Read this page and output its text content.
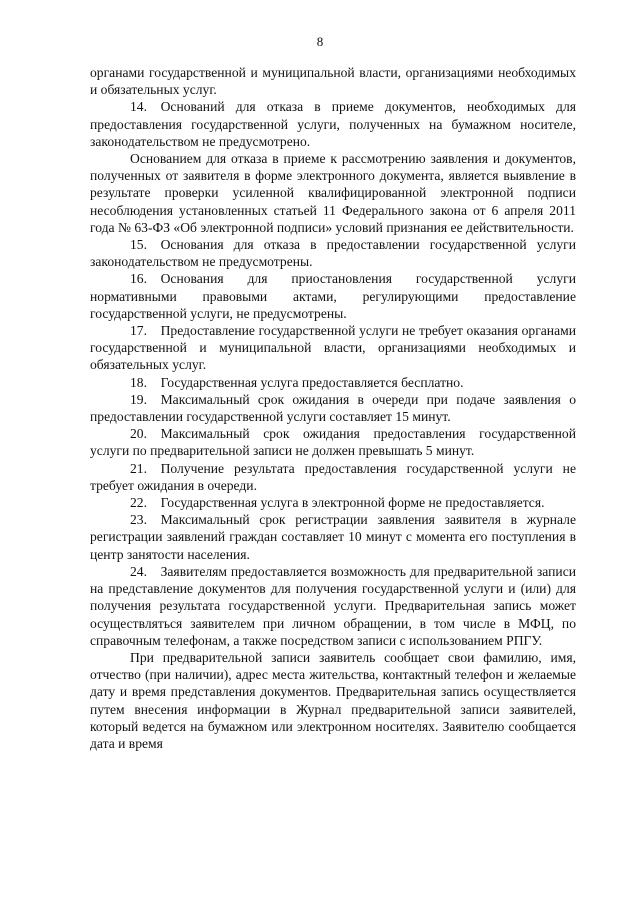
8

органами государственной и муниципальной власти, организациями необходимых и обязательных услуг.

14.  Оснований для отказа в приеме документов, необходимых для предоставления государственной услуги, полученных на бумажном носителе, законодательством не предусмотрено.

Основанием для отказа в приеме к рассмотрению заявления и документов, полученных от заявителя в форме электронного документа, является выявление в результате проверки усиленной квалифицированной электронной подписи несоблюдения установленных статьей 11 Федерального закона от 6 апреля 2011 года № 63-ФЗ «Об электронной подписи» условий признания ее действительности.

15.  Основания для отказа в предоставлении государственной услуги законодательством не предусмотрены.

16.  Основания для приостановления государственной услуги нормативными правовыми актами, регулирующими предоставление государственной услуги, не предусмотрены.

17.  Предоставление государственной услуги не требует оказания органами государственной и муниципальной власти, организациями необходимых и обязательных услуг.

18.  Государственная услуга предоставляется бесплатно.

19.  Максимальный срок ожидания в очереди при подаче заявления о предоставлении государственной услуги составляет 15 минут.

20.  Максимальный срок ожидания предоставления государственной услуги по предварительной записи не должен превышать 5 минут.

21.  Получение результата предоставления государственной услуги не требует ожидания в очереди.

22.  Государственная услуга в электронной форме не предоставляется.

23.  Максимальный срок регистрации заявления заявителя в журнале регистрации заявлений граждан составляет 10 минут с момента его поступления в центр занятости населения.

24.  Заявителям предоставляется возможность для предварительной записи на представление документов для получения государственной услуги и (или) для получения результата государственной услуги. Предварительная запись может осуществляться заявителем при личном обращении, в том числе в МФЦ, по справочным телефонам, а также посредством записи с использованием РПГУ.

При предварительной записи заявитель сообщает свои фамилию, имя, отчество (при наличии), адрес места жительства, контактный телефон и желаемые дату и время представления документов. Предварительная запись осуществляется путем внесения информации в Журнал предварительной записи заявителей, который ведется на бумажном или электронном носителях. Заявителю сообщается дата и время
